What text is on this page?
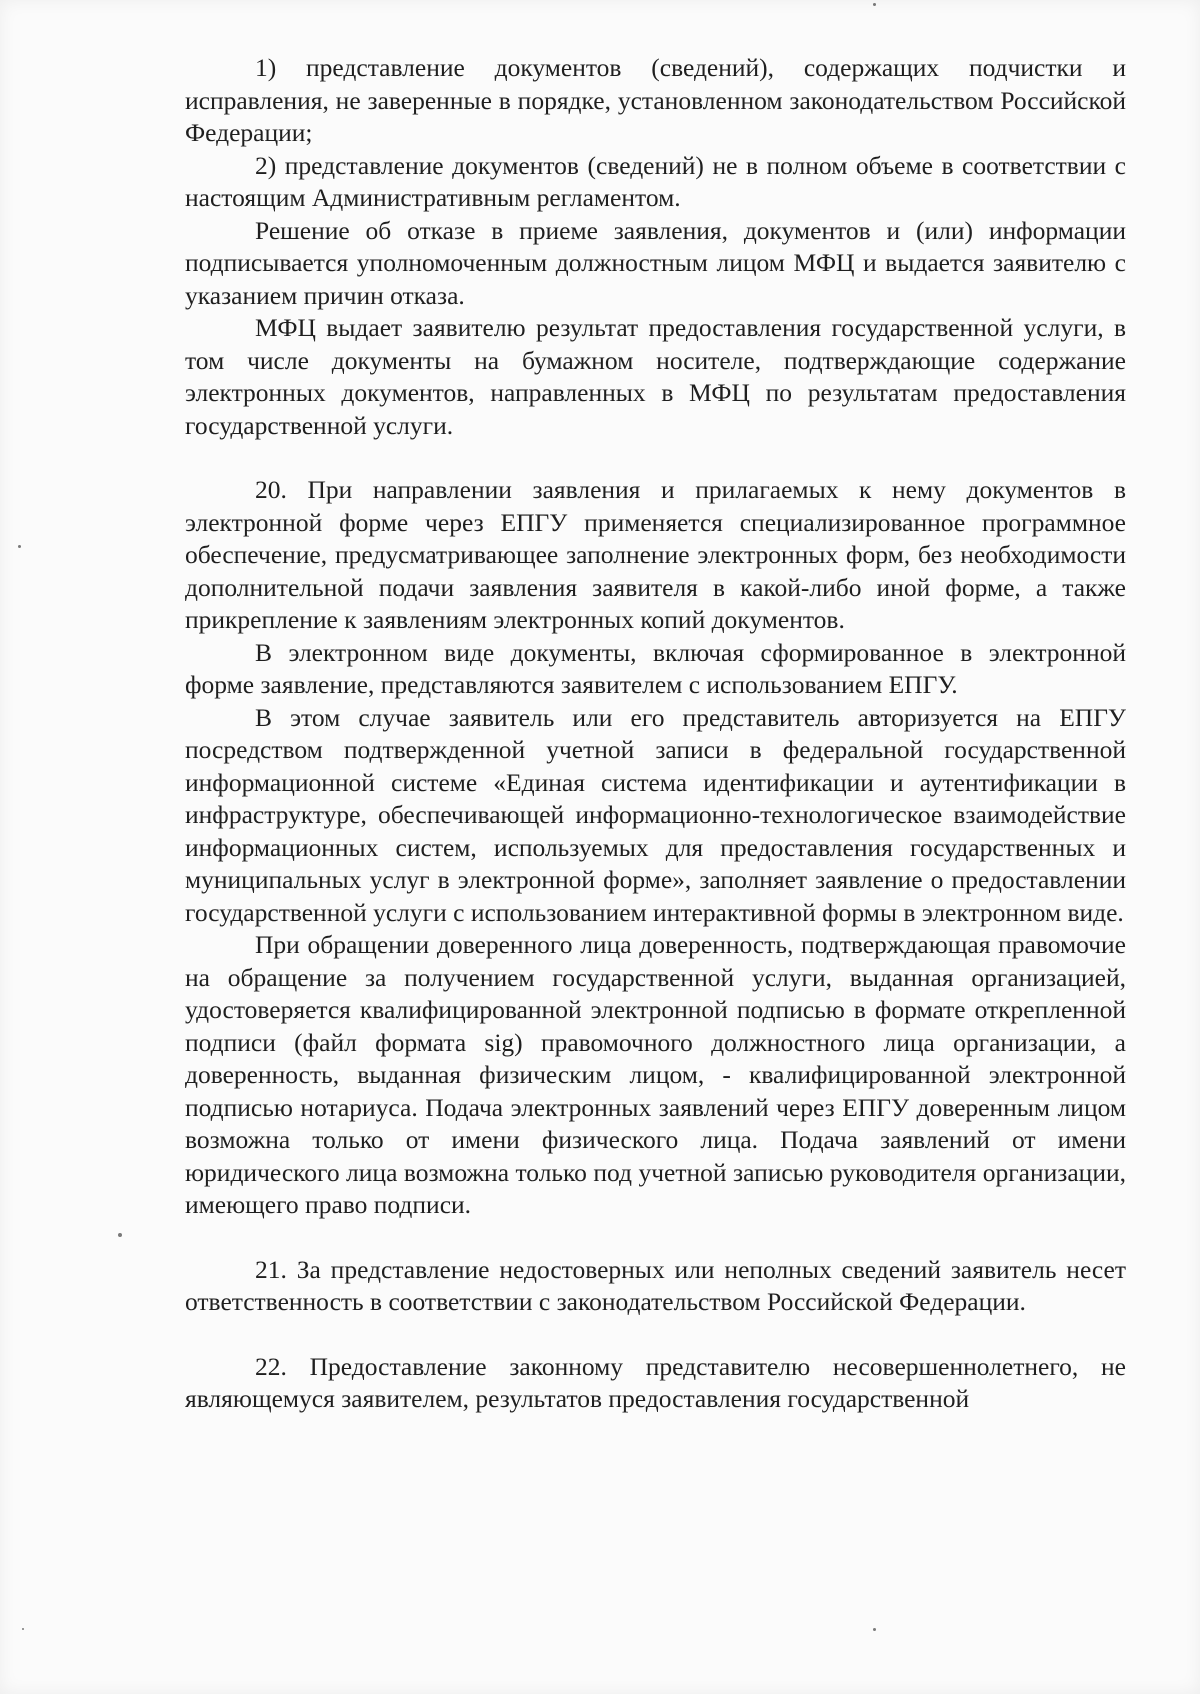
1) представление документов (сведений), содержащих подчистки и исправления, не заверенные в порядке, установленном законодательством Российской Федерации;

2) представление документов (сведений) не в полном объеме в соответствии с настоящим Административным регламентом.

Решение об отказе в приеме заявления, документов и (или) информации подписывается уполномоченным должностным лицом МФЦ и выдается заявителю с указанием причин отказа.

МФЦ выдает заявителю результат предоставления государственной услуги, в том числе документы на бумажном носителе, подтверждающие содержание электронных документов, направленных в МФЦ по результатам предоставления государственной услуги.

20. При направлении заявления и прилагаемых к нему документов в электронной форме через ЕПГУ применяется специализированное программное обеспечение, предусматривающее заполнение электронных форм, без необходимости дополнительной подачи заявления заявителя в какой-либо иной форме, а также прикрепление к заявлениям электронных копий документов.

В электронном виде документы, включая сформированное в электронной форме заявление, представляются заявителем с использованием ЕПГУ.

В этом случае заявитель или его представитель авторизуется на ЕПГУ посредством подтвержденной учетной записи в федеральной государственной информационной системе «Единая система идентификации и аутентификации в инфраструктуре, обеспечивающей информационно-технологическое взаимодействие информационных систем, используемых для предоставления государственных и муниципальных услуг в электронной форме», заполняет заявление о предоставлении государственной услуги с использованием интерактивной формы в электронном виде.

При обращении доверенного лица доверенность, подтверждающая правомочие на обращение за получением государственной услуги, выданная организацией, удостоверяется квалифицированной электронной подписью в формате открепленной подписи (файл формата sig) правомочного должностного лица организации, а доверенность, выданная физическим лицом, - квалифицированной электронной подписью нотариуса. Подача электронных заявлений через ЕПГУ доверенным лицом возможна только от имени физического лица. Подача заявлений от имени юридического лица возможна только под учетной записью руководителя организации, имеющего право подписи.

21. За представление недостоверных или неполных сведений заявитель несет ответственность в соответствии с законодательством Российской Федерации.

22. Предоставление законному представителю несовершеннолетнего, не являющемуся заявителем, результатов предоставления государственной
